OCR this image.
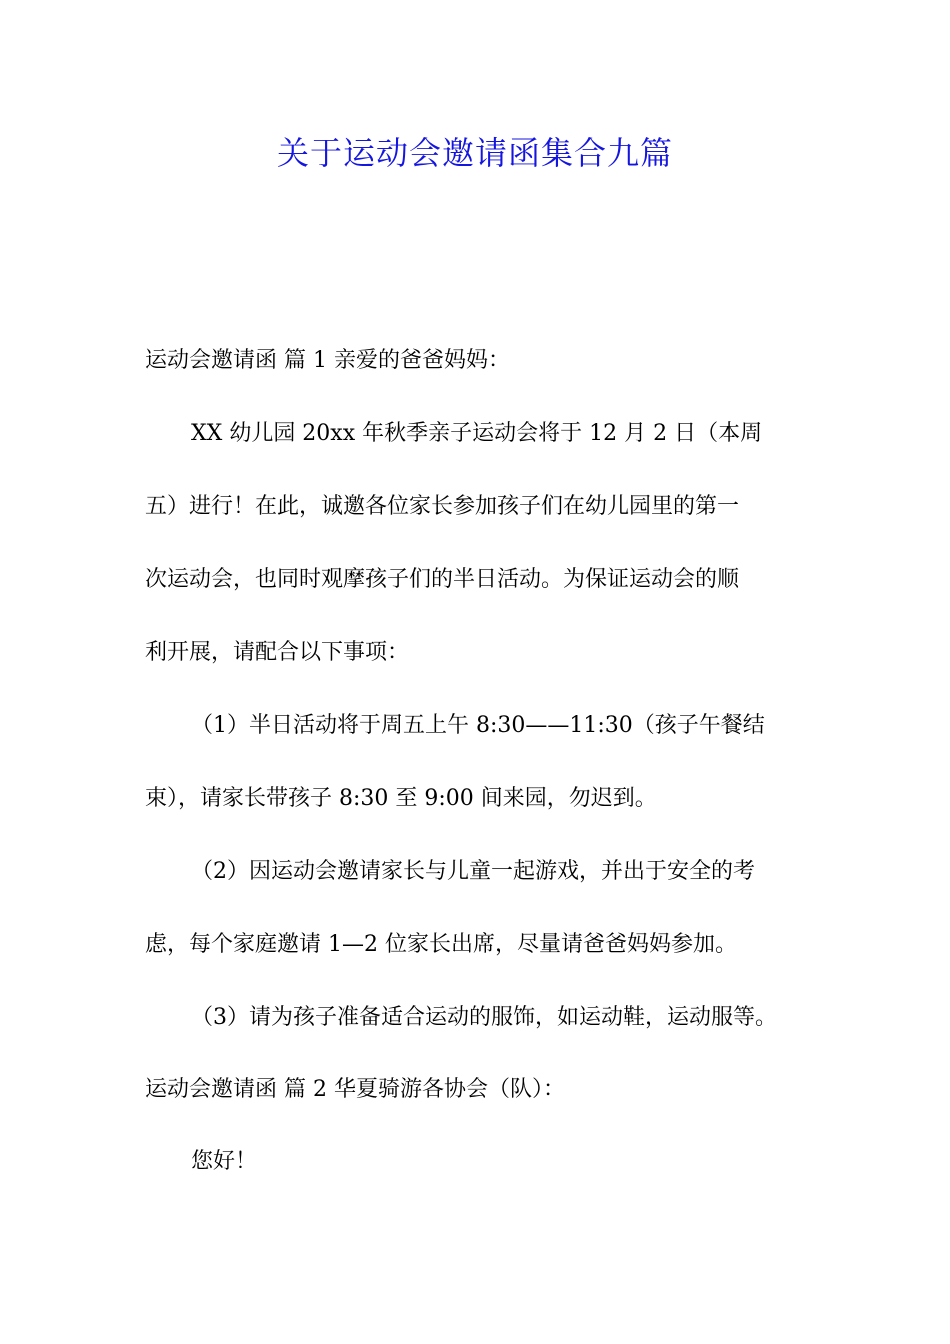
关于运动会邀请函集合九篇
运动会邀请函 篇 1 亲爱的爸爸妈妈：
XX 幼儿园 20xx 年秋季亲子运动会将于 12 月 2 日（本周
五）进行！在此，诚邀各位家长参加孩子们在幼儿园里的第一
次运动会，也同时观摩孩子们的半日活动。为保证运动会的顺
利开展，请配合以下事项：
（1）半日活动将于周五上午 8:30——11:30（孩子午餐结
束），请家长带孩子 8:30 至 9:00 间来园，勿迟到。
（2）因运动会邀请家长与儿童一起游戏，并出于安全的考
虑，每个家庭邀请 1—2 位家长出席，尽量请爸爸妈妈参加。
（3）请为孩子准备适合运动的服饰，如运动鞋，运动服等。
运动会邀请函 篇 2 华夏骑游各协会（队）：
您好！
